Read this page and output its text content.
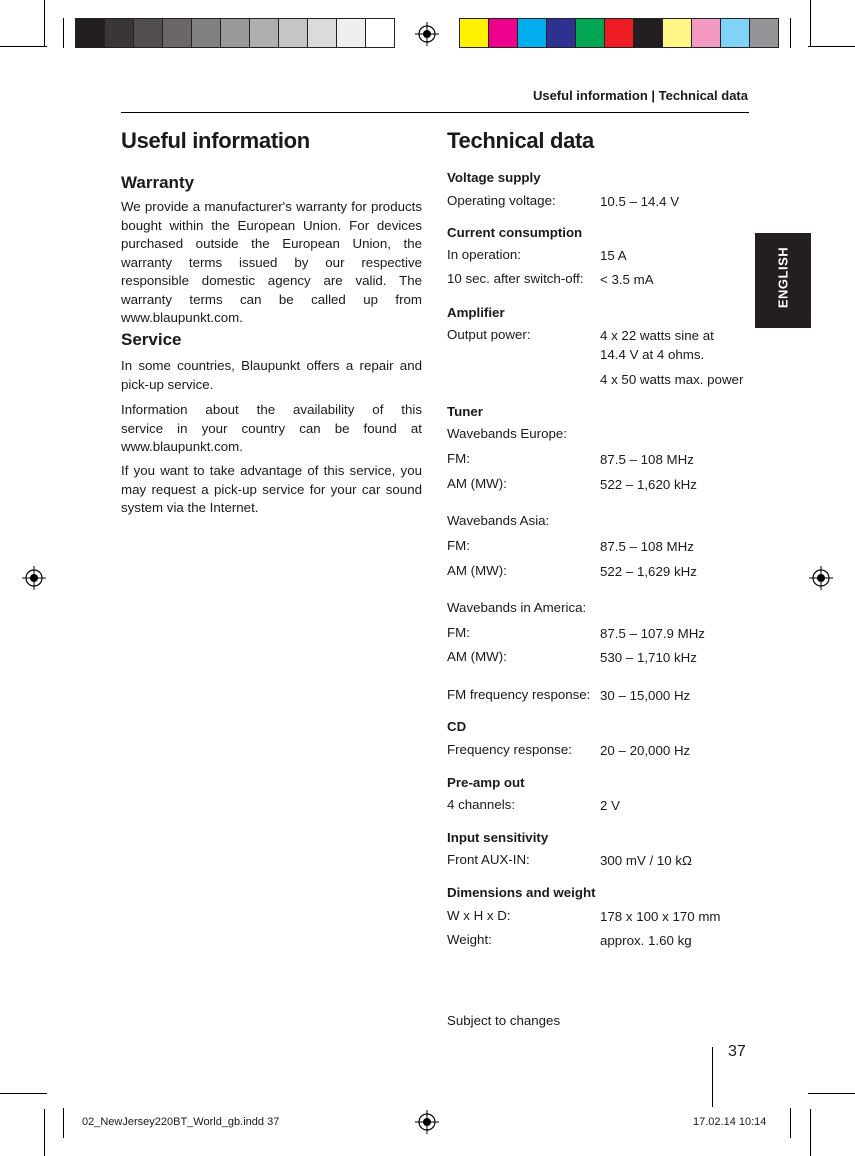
Useful information | Technical data
Useful information
Warranty
We provide a manufacturer's warranty for products bought within the European Union. For devices purchased outside the European Union, the warranty terms issued by our respective responsible domestic agency are valid. The warranty terms can be called up from www.blaupunkt.com.
Service
In some countries, Blaupunkt offers a repair and pick-up service.
Information about the availability of this service in your country can be found at www.blaupunkt.com.
If you want to take advantage of this service, you may request a pick-up service for your car sound system via the Internet.
Technical data
Voltage supply
Operating voltage:	10.5 – 14.4 V
Current consumption
In operation:	15 A
10 sec. after switch-off: < 3.5 mA
Amplifier
Output power:	4 x 22 watts sine at
14.4 V at 4 ohms.
4 x 50 watts max. power
Tuner
Wavebands Europe:
FM:	87.5 – 108 MHz
AM (MW):	522 – 1,620 kHz
Wavebands Asia:
FM:	87.5 – 108 MHz
AM (MW):	522 – 1,629 kHz
Wavebands in America:
FM:	87.5 – 107.9 MHz
AM (MW):	530 – 1,710 kHz
FM frequency response: 30 – 15,000 Hz
CD
Frequency response: 20 – 20,000 Hz
Pre-amp out
4 channels:	2 V
Input sensitivity
Front AUX-IN:	300 mV / 10 kΩ
Dimensions and weight
W x H x D:	178 x 100 x 170 mm
Weight:	approx. 1.60 kg
Subject to changes
ENGLISH
37
02_NewJersey220BT_World_gb.indd 37	17.02.14 10:14
